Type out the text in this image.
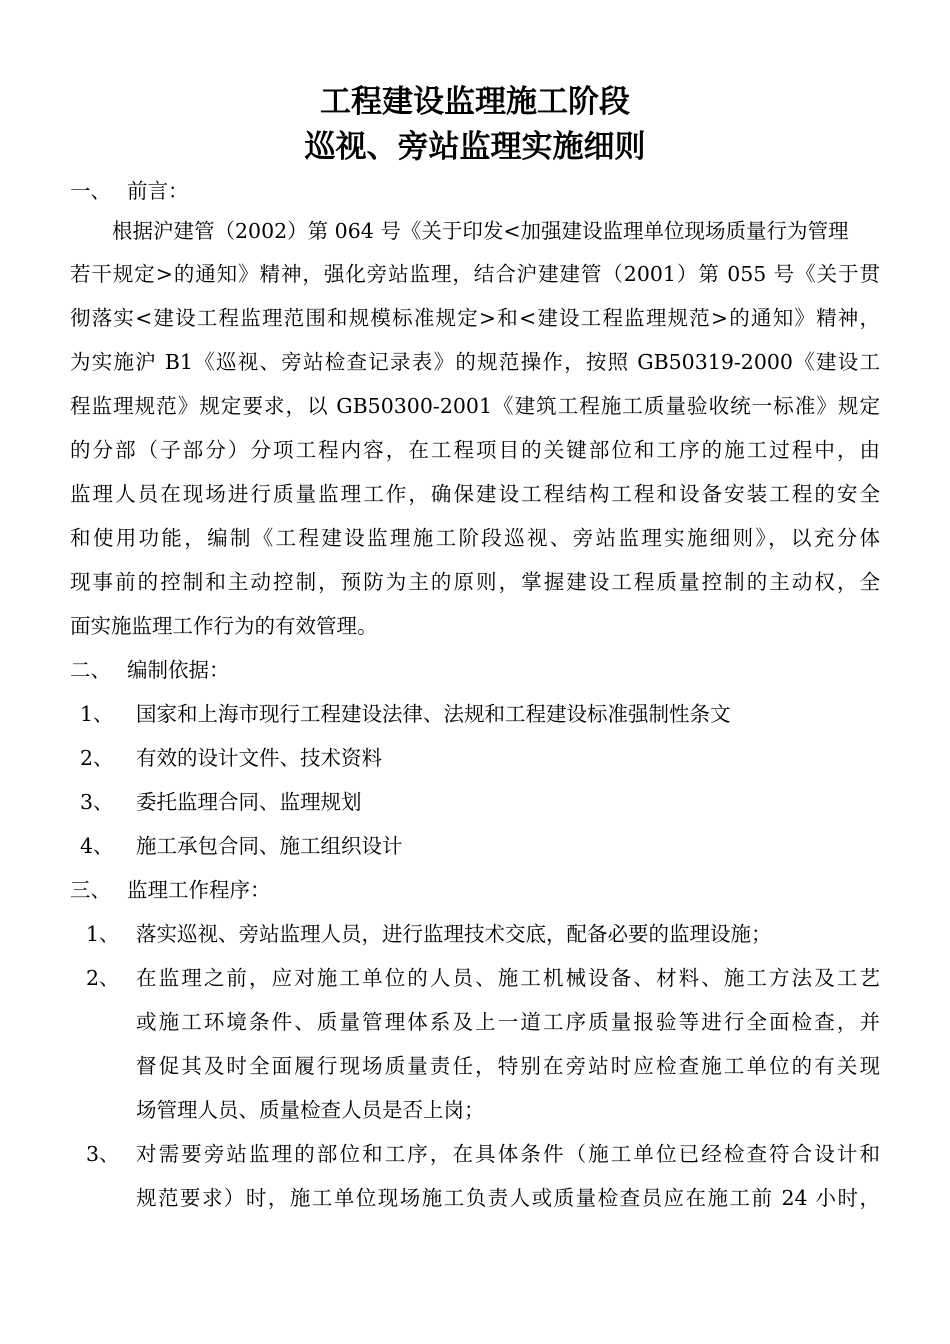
工程建设监理施工阶段
巡视、旁站监理实施细则
一、 前言：
根据沪建管（2002）第 064 号《关于印发<加强建设监理单位现场质量行为管理
若干规定>的通知》精神，强化旁站监理，结合沪建建管（2001）第 055 号《关于贯
彻落实<建设工程监理范围和规模标准规定>和<建设工程监理规范>的通知》精神，
为实施沪 B1《巡视、旁站检查记录表》的规范操作，按照 GB50319-2000《建设工
程监理规范》规定要求，以 GB50300-2001《建筑工程施工质量验收统一标准》规定
的分部（子部分）分项工程内容，在工程项目的关键部位和工序的施工过程中，由
监理人员在现场进行质量监理工作，确保建设工程结构工程和设备安装工程的安全
和使用功能，编制《工程建设监理施工阶段巡视、旁站监理实施细则》，以充分体
现事前的控制和主动控制，预防为主的原则，掌握建设工程质量控制的主动权，全
面实施监理工作行为的有效管理。
二、 编制依据：
1、 国家和上海市现行工程建设法律、法规和工程建设标准强制性条文
2、 有效的设计文件、技术资料
3、 委托监理合同、监理规划
4、 施工承包合同、施工组织设计
三、 监理工作程序：
1、 落实巡视、旁站监理人员，进行监理技术交底，配备必要的监理设施；
2、 在监理之前，应对施工单位的人员、施工机械设备、材料、施工方法及工艺
或施工环境条件、质量管理体系及上一道工序质量报验等进行全面检查，并
督促其及时全面履行现场质量责任，特别在旁站时应检查施工单位的有关现
场管理人员、质量检查人员是否上岗；
3、 对需要旁站监理的部位和工序，在具体条件（施工单位已经检查符合设计和
规范要求）时，施工单位现场施工负责人或质量检查员应在施工前 24 小时，
